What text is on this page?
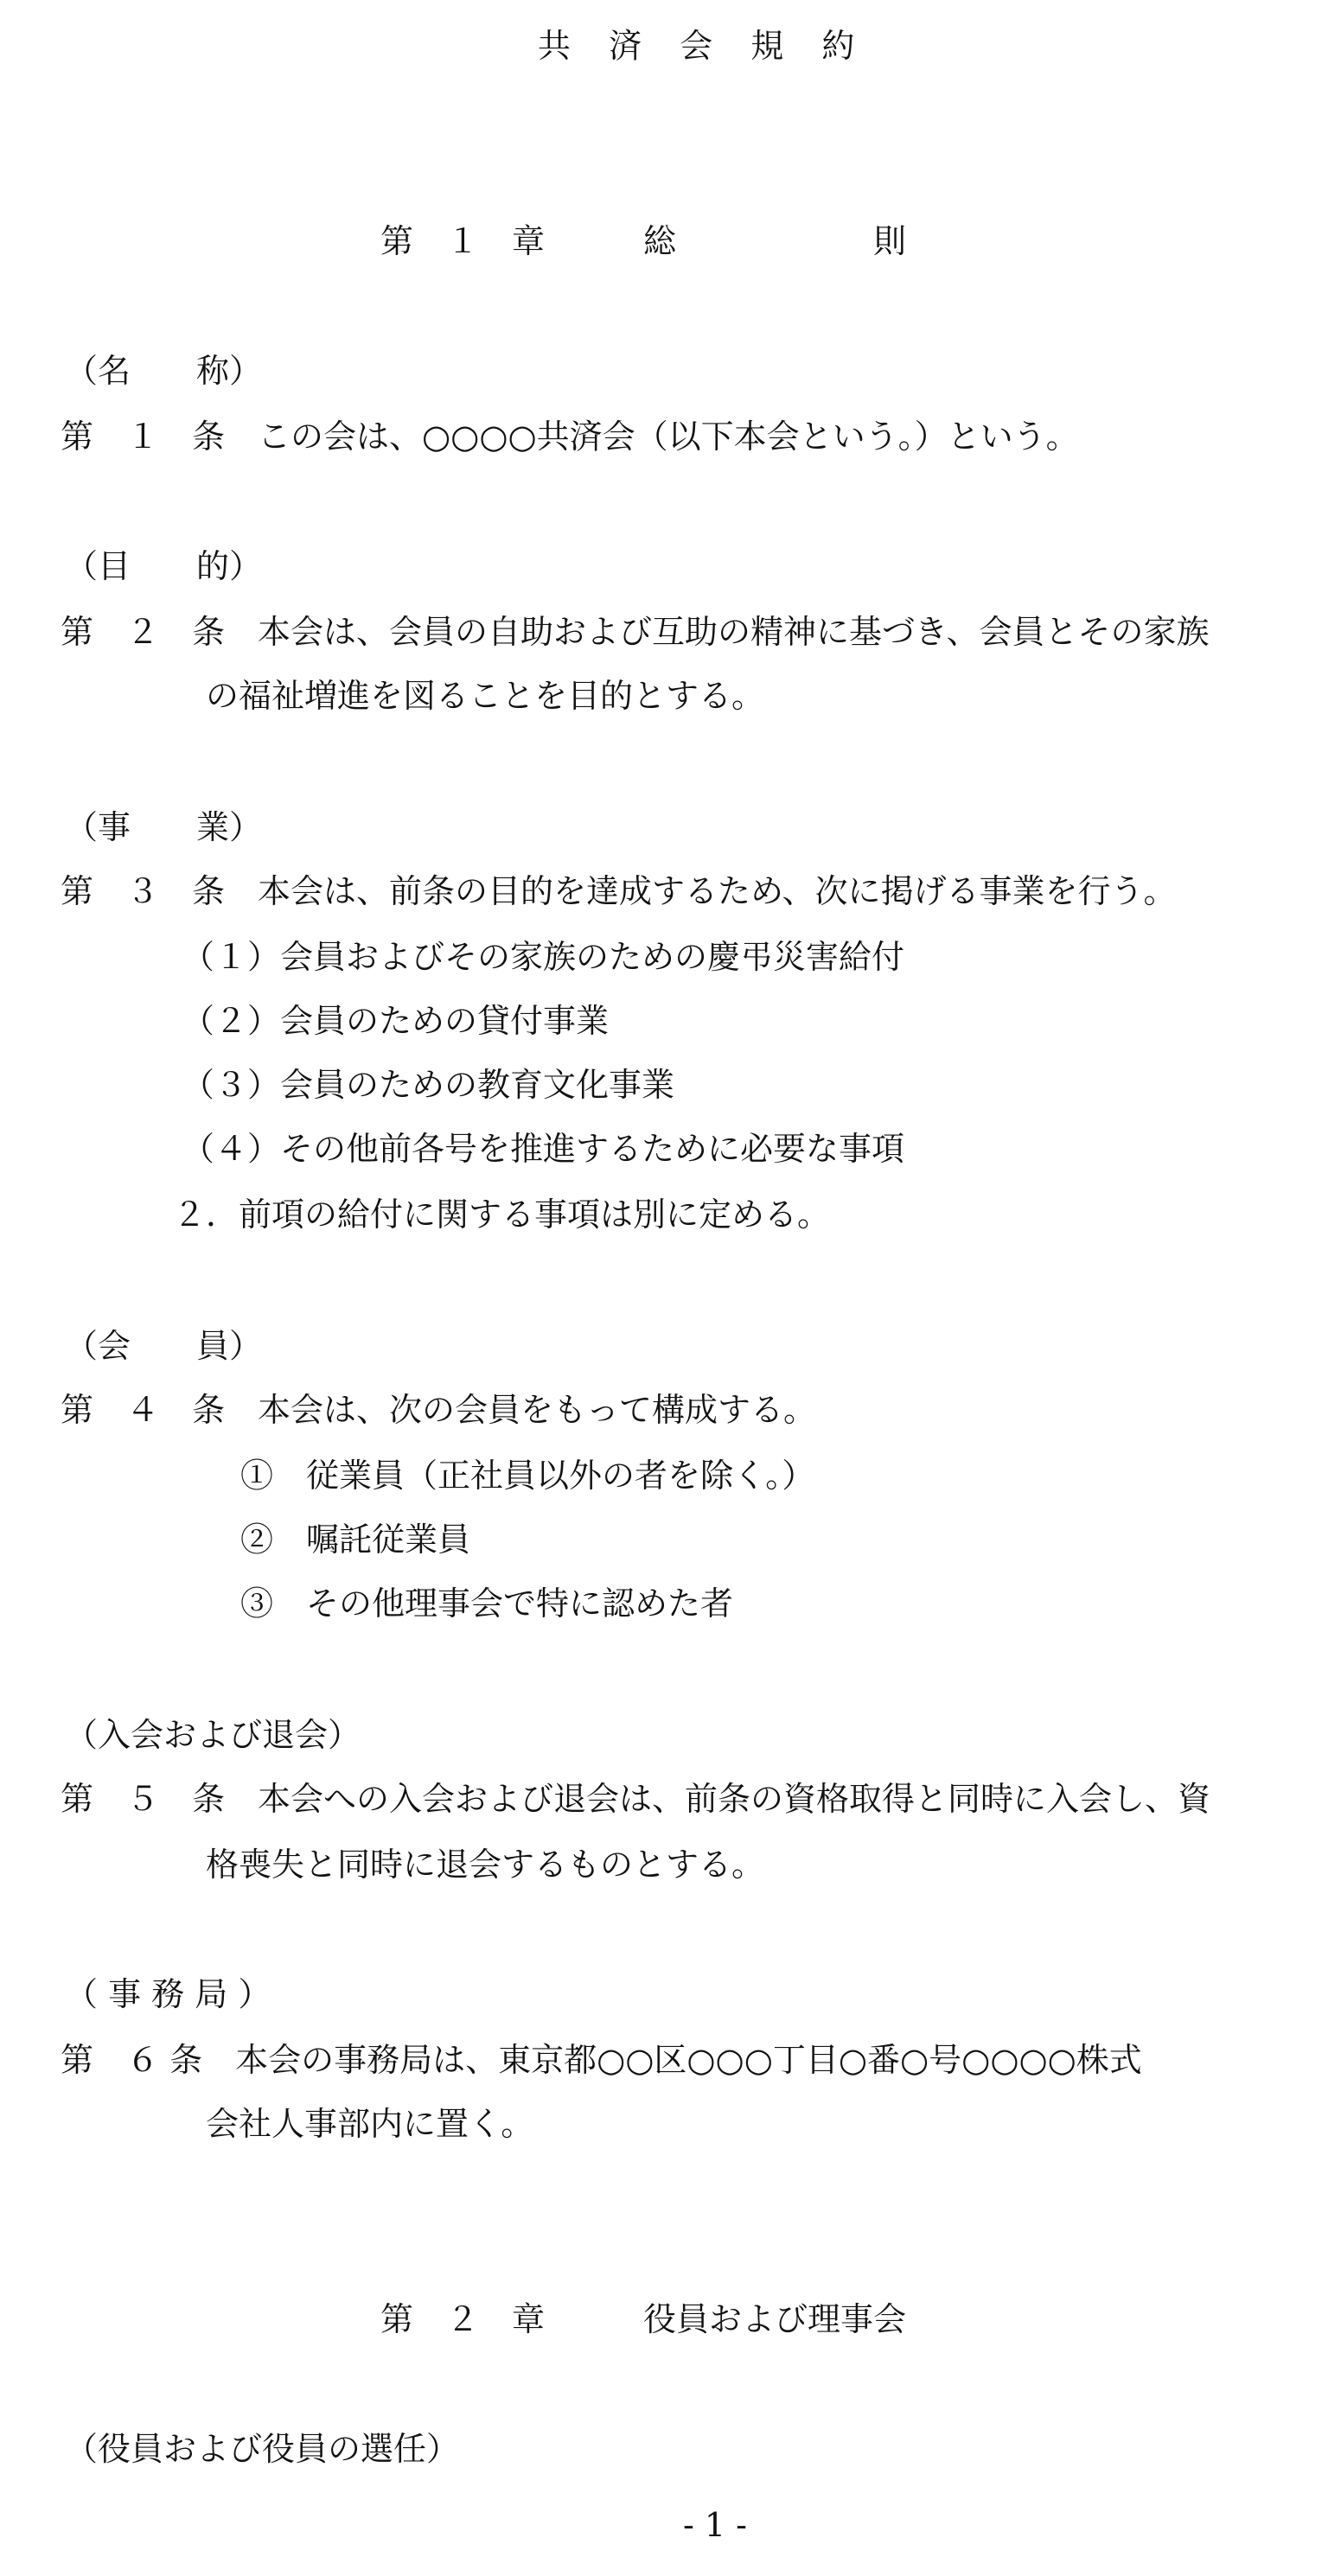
共 済 会 規 約
第　１　章　　　総　　　　　　則
（名　　称）
第　１　条　この会は、○○○○共済会（以下本会という。）という。
（目　　的）
第　２　条　本会は、会員の自助および互助の精神に基づき、会員とその家族
の福祉増進を図ることを目的とする。
（事　　業）
第　３　条　本会は、前条の目的を達成するため、次に掲げる事業を行う。
（１）会員およびその家族のための慶弔災害給付
（２）会員のための貸付事業
（３）会員のための教育文化事業
（４）その他前各号を推進するために必要な事項
２．前項の給付に関する事項は別に定める。
（会　　員）
第　４　条　本会は、次の会員をもって構成する。
①　従業員（正社員以外の者を除く。）
②　嘱託従業員
③　その他理事会で特に認めた者
（入会および退会）
第　５　条　本会への入会および退会は、前条の資格取得と同時に入会し、資
格喪失と同時に退会するものとする。
（ 事 務 局 ）
第　６ 条　本会の事務局は、東京都○○区○○○丁目○番○号○○○○株式
会社人事部内に置く。
第　２　章　　　役員および理事会
（役員および役員の選任）
- 1 -
